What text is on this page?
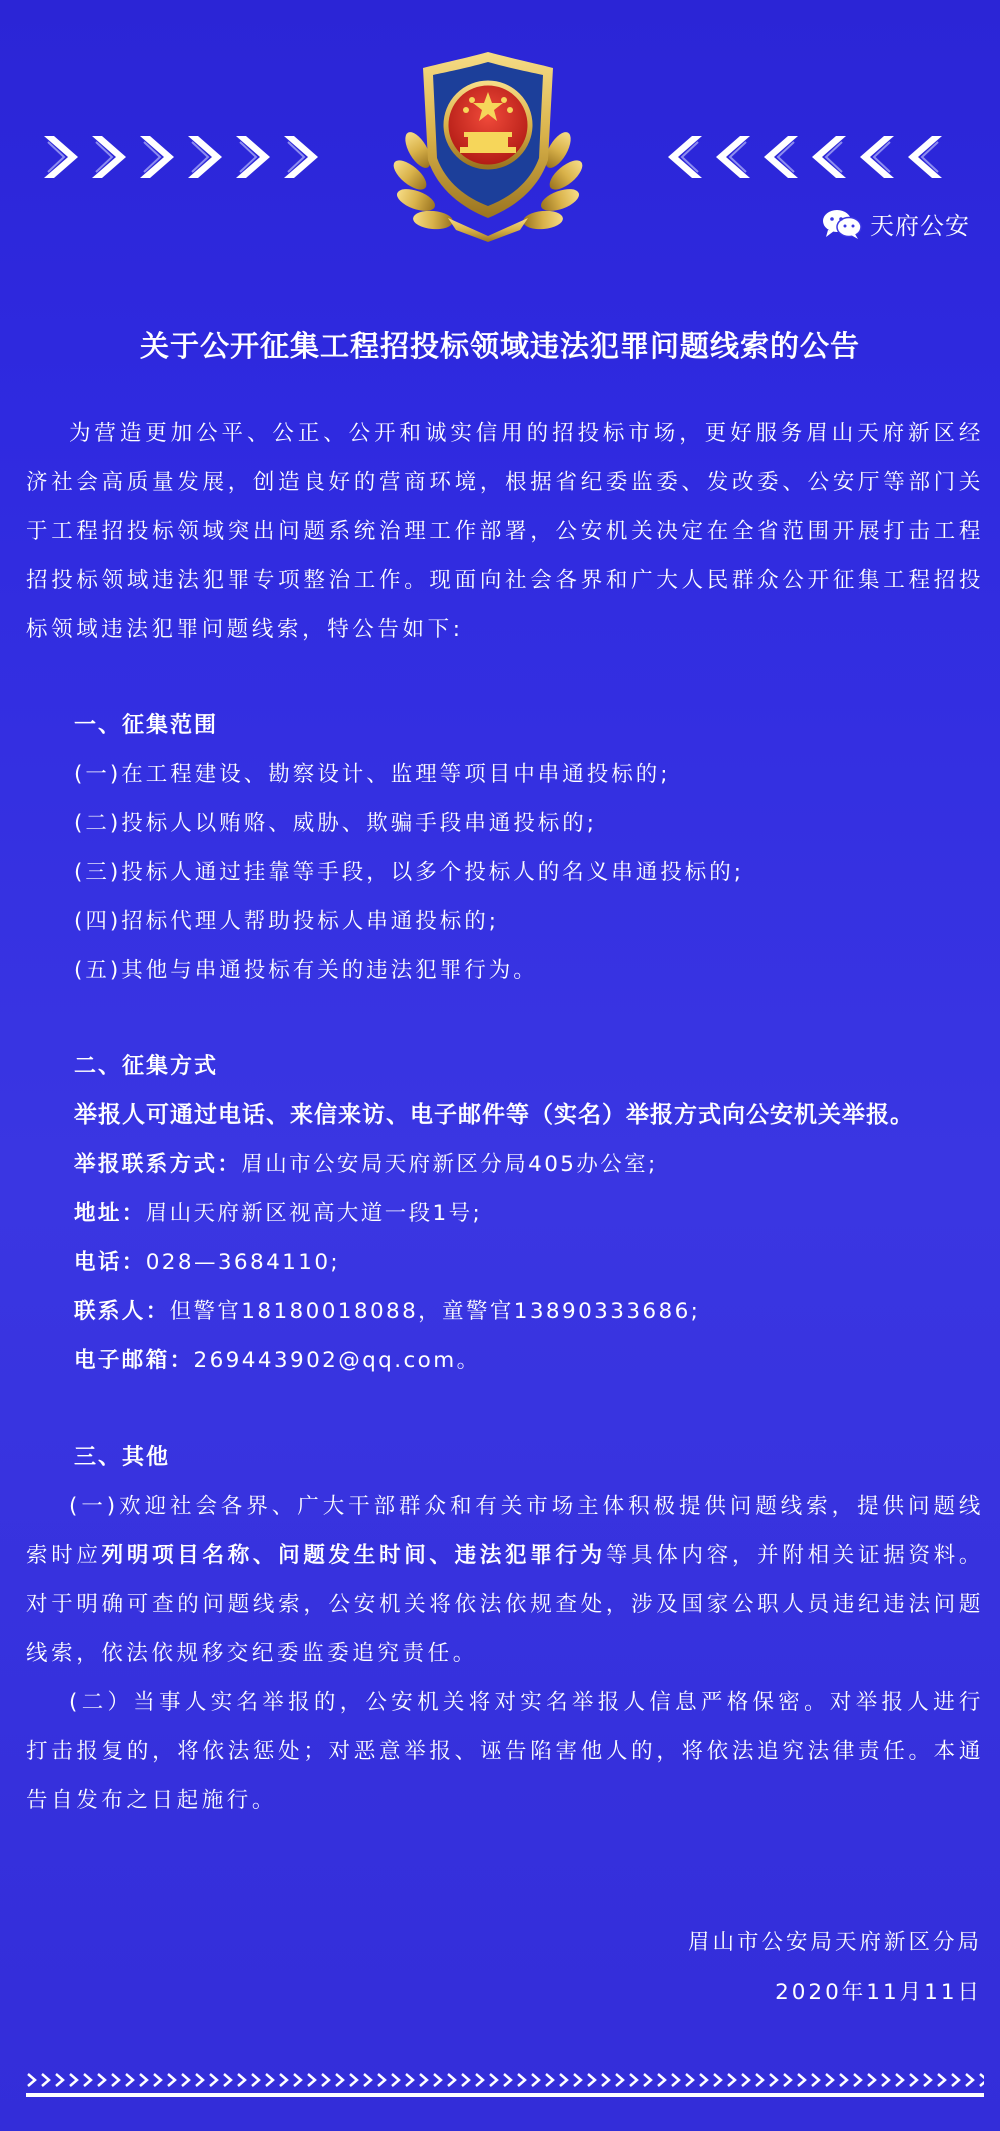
天府公安
关于公开征集工程招投标领域违法犯罪问题线索的公告

为营造更加公平、公正、公开和诚实信用的招投标市场，更好服务眉山天府新区经济社会高质量发展，创造良好的营商环境，根据省纪委监委、发改委、公安厅等部门关于工程招投标领域突出问题系统治理工作部署，公安机关决定在全省范围开展打击工程招投标领域违法犯罪专项整治工作。现面向社会各界和广大人民群众公开征集工程招投标领域违法犯罪问题线索，特公告如下:

一、征集范围

(一)在工程建设、勘察设计、监理等项目中串通投标的;

(二)投标人以贿赂、威胁、欺骗手段串通投标的;

(三)投标人通过挂靠等手段，以多个投标人的名义串通投标的;

(四)招标代理人帮助投标人串通投标的;

(五)其他与串通投标有关的违法犯罪行为。

二、征集方式

举报人可通过电话、来信来访、电子邮件等（实名）举报方式向公安机关举报。

举报联系方式：眉山市公安局天府新区分局405办公室;

地址：眉山天府新区视高大道一段1号;

电话：028—3684110;

联系人：但警官18180018088，童警官13890333686;

电子邮箱：269443902@qq.com。

三、其他

(一)欢迎社会各界、广大干部群众和有关市场主体积极提供问题线索，提供问题线索时应列明项目名称、问题发生时间、违法犯罪行为等具体内容，并附相关证据资料。对于明确可查的问题线索，公安机关将依法依规查处，涉及国家公职人员违纪违法问题线索，依法依规移交纪委监委追究责任。

(二）当事人实名举报的，公安机关将对实名举报人信息严格保密。对举报人进行打击报复的，将依法惩处；对恶意举报、诬告陷害他人的，将依法追究法律责任。本通告自发布之日起施行。

眉山市公安局天府新区分局
2020年11月11日
